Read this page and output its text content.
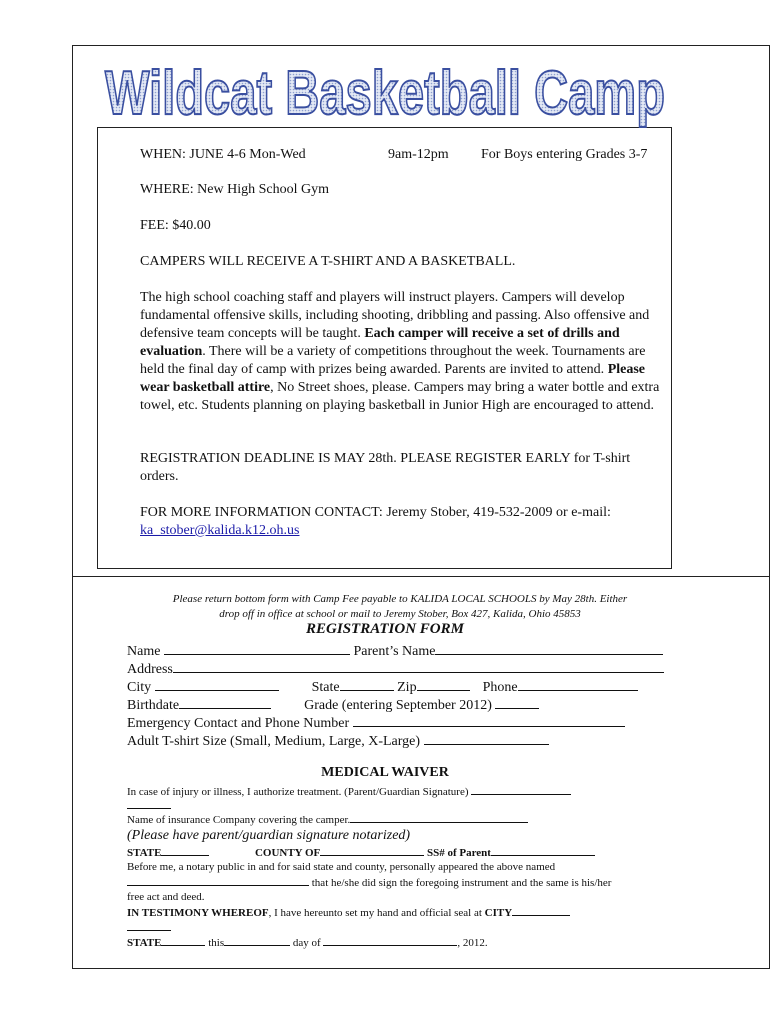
Wildcat Basketball Camp
WHEN: JUNE 4-6 Mon-Wed	9am-12pm For Boys entering Grades 3-7
WHERE: New High School Gym
FEE: $40.00
CAMPERS WILL RECEIVE A T-SHIRT AND A BASKETBALL.
The high school coaching staff and players will instruct players. Campers will develop fundamental offensive skills, including shooting, dribbling and passing. Also offensive and defensive team concepts will be taught. Each camper will receive a set of drills and evaluation. There will be a variety of competitions throughout the week. Tournaments are held the final day of camp with prizes being awarded. Parents are invited to attend. Please wear basketball attire, No Street shoes, please. Campers may bring a water bottle and extra towel, etc. Students planning on playing basketball in Junior High are encouraged to attend.
REGISTRATION DEADLINE IS MAY 28th. PLEASE REGISTER EARLY for T-shirt orders.
FOR MORE INFORMATION CONTACT: Jeremy Stober, 419-532-2009 or e-mail:
ka_stober@kalida.k12.oh.us
Please return bottom form with Camp Fee payable to KALIDA LOCAL SCHOOLS by May 28th. Either
drop off in office at school or mail to Jeremy Stober, Box 427, Kalida, Ohio 45853
REGISTRATION FORM
Name	Parent’s Name
Address
City	State	Zip	Phone
Birthdate	Grade (entering September 2012)
Emergency Contact and Phone Number
Adult T-shirt Size (Small, Medium, Large, X-Large)
MEDICAL WAIVER
In case of injury or illness, I authorize treatment. (Parent/Guardian Signature)
Name of insurance Company covering the camper.
(Please have parent/guardian signature notarized)
STATE	COUNTY OF	SS# of Parent
Before me, a notary public in and for said state and county, personally appeared the above named
that he/she did sign the foregoing instrument and the same is his/her
free act and deed.
IN TESTIMONY WHEREOF, I have hereunto set my hand and official seal at CITY
STATE	this	day of	, 2012.
